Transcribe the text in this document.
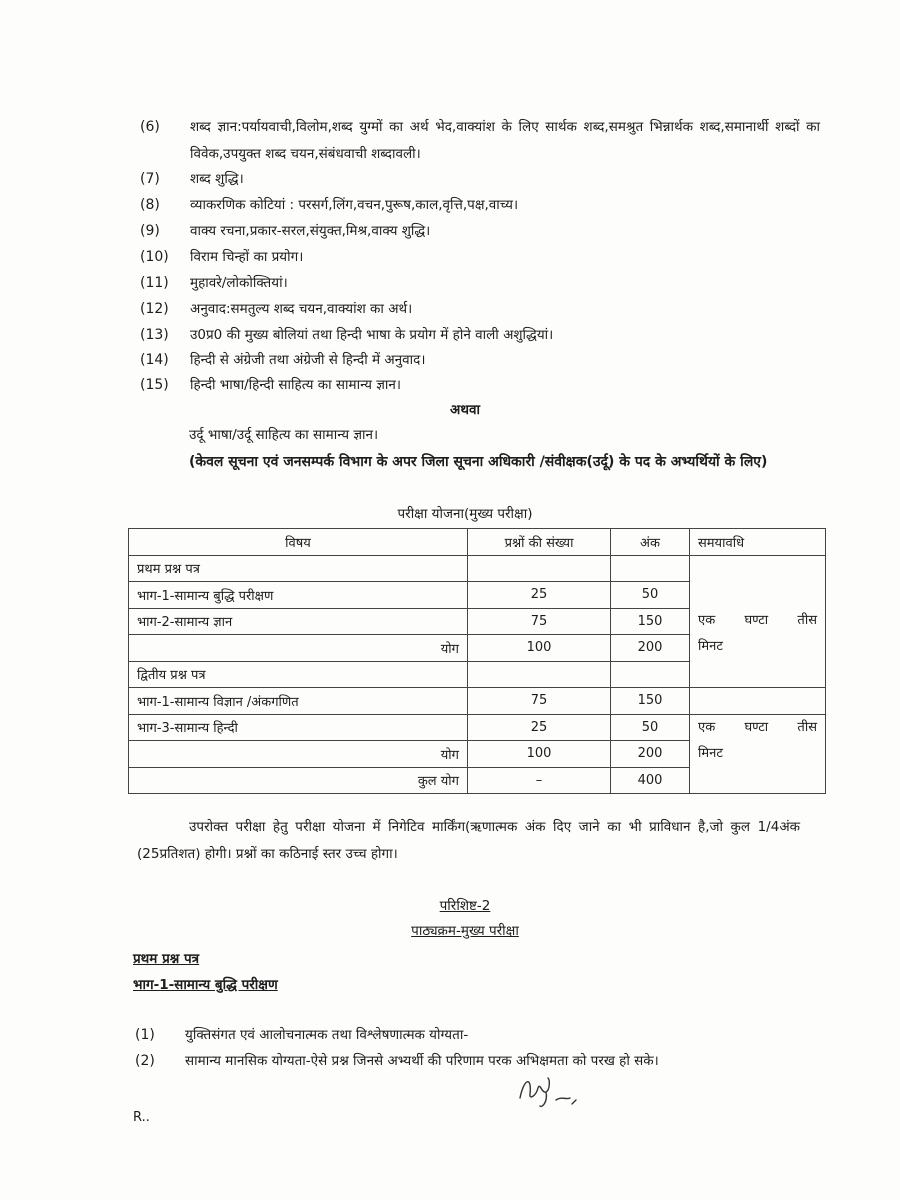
(6)	शब्द ज्ञान:पर्यायवाची,विलोम,शब्द युग्मों का अर्थ भेद,वाक्यांश के लिए सार्थक शब्द,समश्रुत भिन्नार्थक शब्द,समानार्थी शब्दों का विवेक,उपयुक्त शब्द चयन,संबंधवाची शब्दावली।
(7)	शब्द शुद्धि।
(8)	व्याकरणिक कोटियां : परसर्ग,लिंग,वचन,पुरूष,काल,वृत्ति,पक्ष,वाच्य।
(9)	वाक्य रचना,प्रकार-सरल,संयुक्त,मिश्र,वाक्य शुद्धि।
(10)	विराम चिन्हों का प्रयोग।
(11)	मुहावरे/लोकोक्तियां।
(12)	अनुवाद:समतुल्य शब्द चयन,वाक्यांश का अर्थ।
(13)	उ0प्र0 की मुख्य बोलियां तथा हिन्दी भाषा के प्रयोग में होने वाली अशुद्धियां।
(14)	हिन्दी से अंग्रेजी तथा अंग्रेजी से हिन्दी में अनुवाद।
(15)	हिन्दी भाषा/हिन्दी साहित्य का सामान्य ज्ञान।
अथवा
उर्दू भाषा/उर्दू साहित्य का सामान्य ज्ञान।
(केवल सूचना एवं जनसम्पर्क विभाग के अपर जिला सूचना अधिकारी /संवीक्षक(उर्दू) के पद के अभ्यर्थियों के लिए)
परीक्षा योजना(मुख्य परीक्षा)
विषय	प्रश्नों की संख्या	अंक	समयावधि
प्रथम प्रश्न पत्र			एक घण्टा तीस
मिनट

भाग-1-सामान्य बुद्धि परीक्षण	25	50	
भाग-2-सामान्य ज्ञान	75	150	
योग	100	200	
द्वितीय प्रश्न पत्र			
भाग-1-सामान्य विज्ञान /अंकगणित	75	150	
भाग-3-सामान्य हिन्दी	25	50	एक घण्टा तीस
मिनट

योग	100	200	
कुल योग	–	400	
उपरोक्त परीक्षा हेतु परीक्षा योजना में निगेटिव मार्किंग(ऋणात्मक अंक दिए जाने का भी प्राविधान है,जो कुल 1/4अंक (25प्रतिशत) होगी। प्रश्नों का कठिनाई स्तर उच्च होगा।
परिशिष्ट-2
पाठ्यक्रम-मुख्य परीक्षा
प्रथम प्रश्न पत्र
भाग-1-सामान्य बुद्धि परीक्षण
(1)	युक्तिसंगत एवं आलोचनात्मक तथा विश्लेषणात्मक योग्यता-
(2)	सामान्य मानसिक योग्यता-ऐसे प्रश्न जिनसे अभ्यर्थी की परिणाम परक अभिक्षमता को परख हो सके।
R..
